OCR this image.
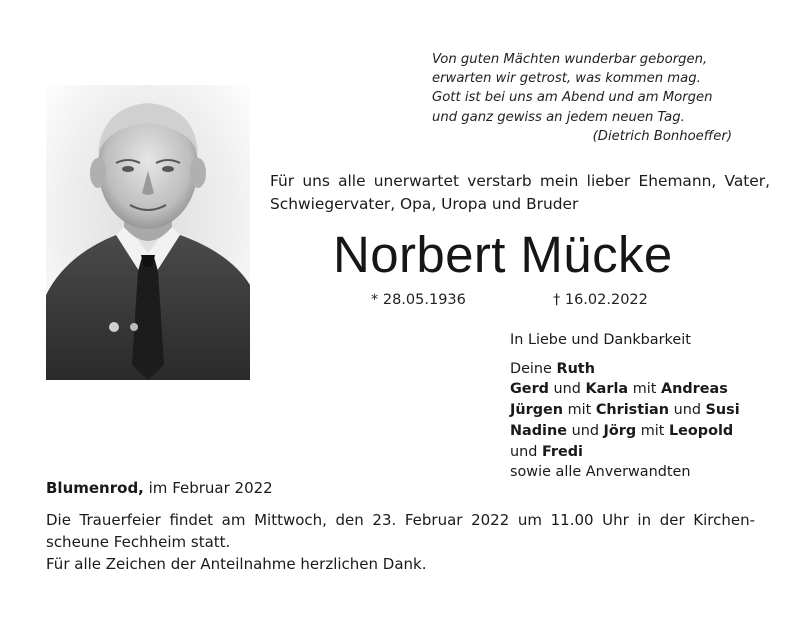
Von guten Mächten wunderbar geborgen,
erwarten wir getrost, was kommen mag.
Gott ist bei uns am Abend und am Morgen
und ganz gewiss an jedem neuen Tag.
(Dietrich Bonhoeffer)
Für uns alle unerwartet verstarb mein lieber Ehemann, Vater,
Schwiegervater, Opa, Uropa und Bruder
Norbert Mücke
* 28.05.1936	† 16.02.2022
In Liebe und Dankbarkeit
Deine Ruth
Gerd und Karla mit Andreas
Jürgen mit Christian und Susi
Nadine und Jörg mit Leopold
und Fredi
sowie alle Anverwandten
Blumenrod, im Februar 2022
Die Trauerfeier findet am Mittwoch, den 23. Februar 2022 um 11.00 Uhr in der Kirchen-
scheune Fechheim statt.
Für alle Zeichen der Anteilnahme herzlichen Dank.
